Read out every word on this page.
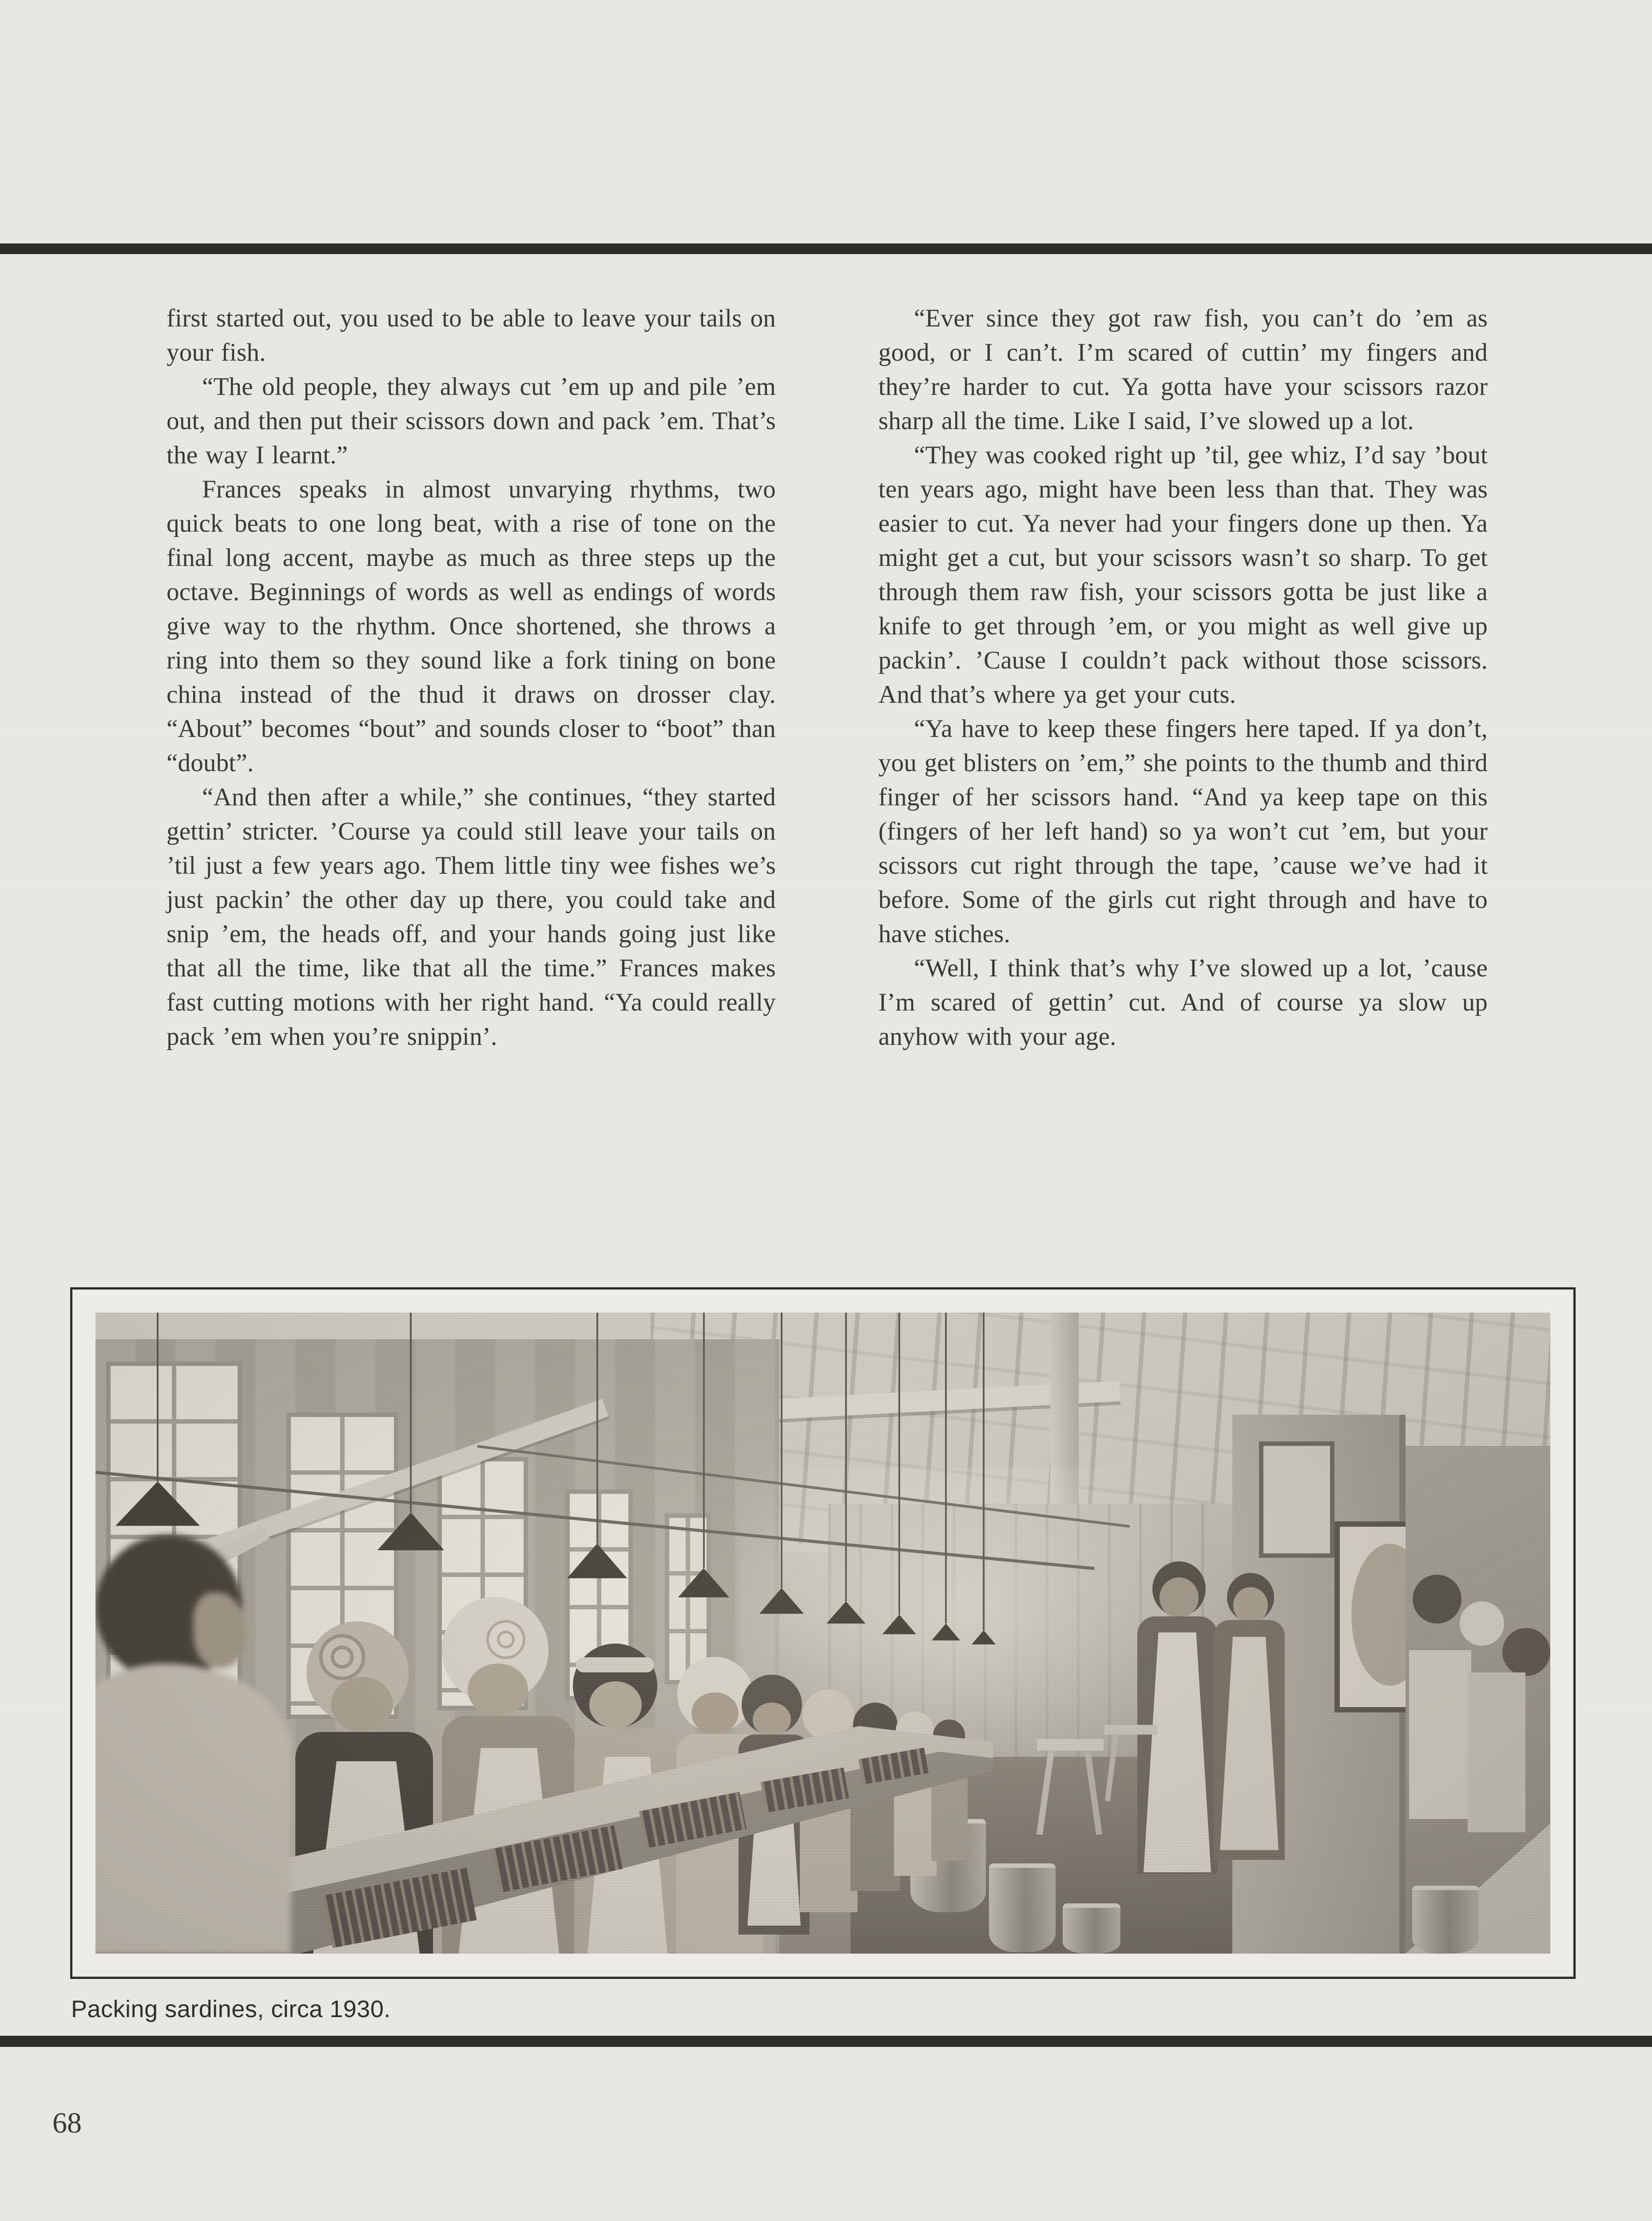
first started out, you used to be able to leave your tails on your fish.

“The old people, they always cut ’em up and pile ’em out, and then put their scissors down and pack ’em. That’s the way I learnt.”

Frances speaks in almost unvarying rhythms, two quick beats to one long beat, with a rise of tone on the final long accent, maybe as much as three steps up the octave. Beginnings of words as well as endings of words give way to the rhythm. Once shortened, she throws a ring into them so they sound like a fork tining on bone china instead of the thud it draws on drosser clay. “About” becomes “bout” and sounds closer to “boot” than “doubt”.

“And then after a while,” she continues, “they started gettin’ stricter. ’Course ya could still leave your tails on ’til just a few years ago. Them little tiny wee fishes we’s just packin’ the other day up there, you could take and snip ’em, the heads off, and your hands going just like that all the time, like that all the time.” Frances makes fast cutting motions with her right hand. “Ya could really pack ’em when you’re snippin’.

“Ever since they got raw fish, you can’t do ’em as good, or I can’t. I’m scared of cuttin’ my fingers and they’re harder to cut. Ya gotta have your scissors razor sharp all the time. Like I said, I’ve slowed up a lot.

“They was cooked right up ’til, gee whiz, I’d say ’bout ten years ago, might have been less than that. They was easier to cut. Ya never had your fingers done up then. Ya might get a cut, but your scissors wasn’t so sharp. To get through them raw fish, your scissors gotta be just like a knife to get through ’em, or you might as well give up packin’. ’Cause I couldn’t pack without those scissors. And that’s where ya get your cuts.

“Ya have to keep these fingers here taped. If ya don’t, you get blisters on ’em,” she points to the thumb and third finger of her scissors hand. “And ya keep tape on this (fingers of her left hand) so ya won’t cut ’em, but your scissors cut right through the tape, ’cause we’ve had it before. Some of the girls cut right through and have to have stiches.

“Well, I think that’s why I’ve slowed up a lot, ’cause I’m scared of gettin’ cut. And of course ya slow up anyhow with your age.

Packing sardines, circa 1930.
68
